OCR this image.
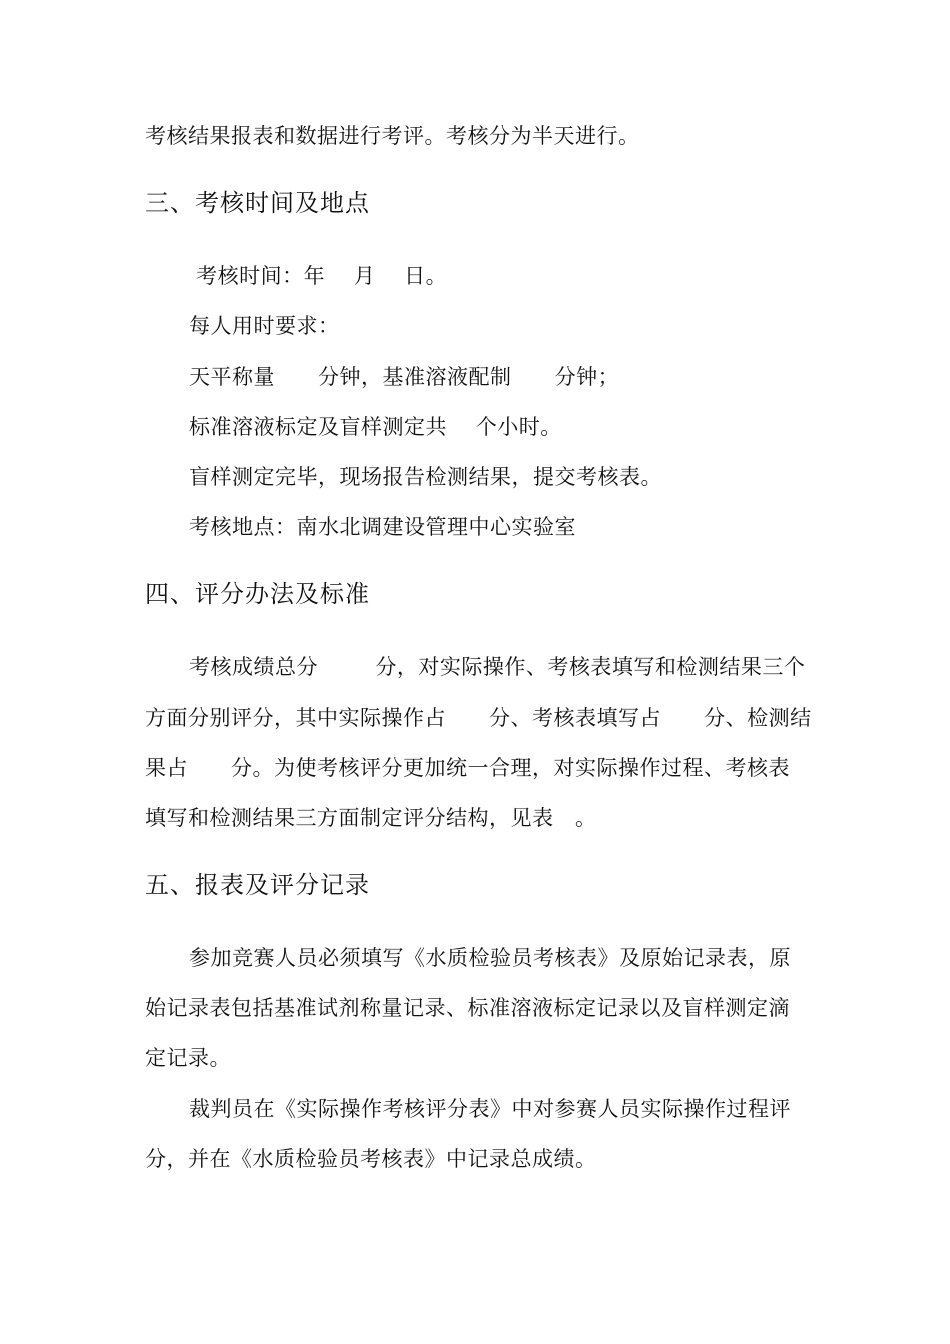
考核结果报表和数据进行考评。考核分为半天进行。
三、考核时间及地点
考核时间：年    月    日。
每人用时要求：
天平称量      分钟，基准溶液配制      分钟；
标准溶液标定及盲样测定共    个小时。
盲样测定完毕，现场报告检测结果，提交考核表。
考核地点：南水北调建设管理中心实验室
四、评分办法及标准
考核成绩总分        分，对实际操作、考核表填写和检测结果三个
方面分别评分，其中实际操作占      分、考核表填写占      分、检测结
果占      分。为使考核评分更加统一合理，对实际操作过程、考核表
填写和检测结果三方面制定评分结构，见表   。
五、报表及评分记录
参加竞赛人员必须填写《水质检验员考核表》及原始记录表，原
始记录表包括基准试剂称量记录、标准溶液标定记录以及盲样测定滴
定记录。
裁判员在《实际操作考核评分表》中对参赛人员实际操作过程评
分，并在《水质检验员考核表》中记录总成绩。
